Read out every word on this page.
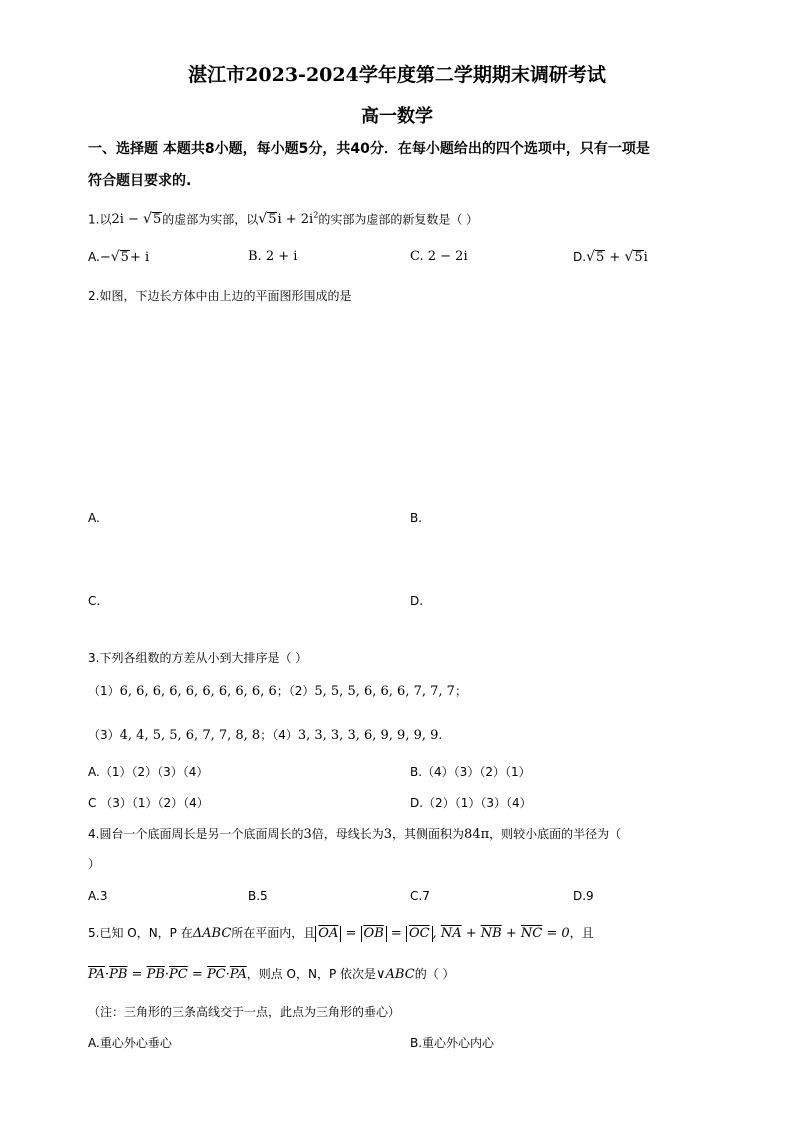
湛江市2023-2024学年度第二学期期末调研考试
高一数学
一、选择题 本题共8小题，每小题5分，共40分．在每小题给出的四个选项中，只有一项是
符合题目要求的.
1.以2i − √5的虚部为实部，以$√5i + 2i^2$的实部为虚部的新复数是（ ）
A.−√5+ i	B. 2 + i	C. 2 − 2i	D.√5 + √5i
2.如图，下边长方体中由上边的平面图形围成的是
A.	B.
C.	D.
3.下列各组数的方差从小到大排序是（ ）
（1）6, 6, 6, 6, 6, 6, 6, 6, 6, 6；（2）5, 5, 5, 6, 6, 6, 7, 7, 7；
（3）4, 4, 5, 5, 6, 7, 7, 8, 8；（4）3, 3, 3, 3, 6, 9, 9, 9, 9.
A.（1）（2）（3）（4）	B.（4）（3）（2）（1）
C （3）（1）（2）（4）	D.（2）（1）（3）（4）
4.圆台一个底面周长是另一个底面周长的3倍，母线长为3，其侧面积为84π，则较小底面的半径为（
）
A.3	B.5	C.7	D.9
5.已知 O，N，P 在ΔABC所在平面内，且 $\overline{OA} = \overline{OB} = \overline{OC}$ , $\overline{NA} + \overline{NB} + \overline{NC} = 0$，且
$\overline{PA}\cdot\overline{PB} = \overline{PB}\cdot\overline{PC} = \overline{PC}\cdot\overline{PA}$，则点 O，N，P 依次是∨ABC的（ ）
（注：三角形的三条高线交于一点，此点为三角形的垂心）
A.重心外心垂心	B.重心外心内心
